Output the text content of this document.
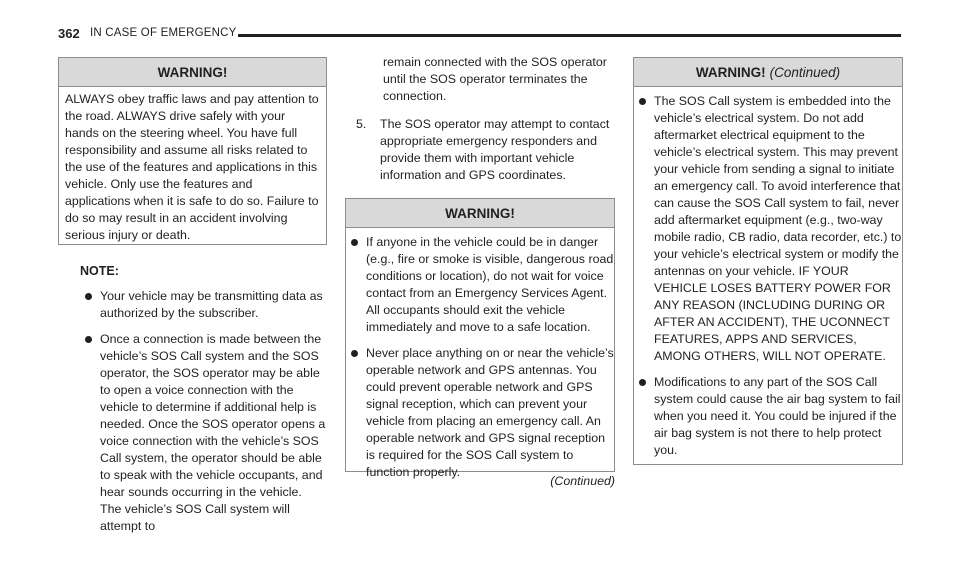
362 IN CASE OF EMERGENCY
WARNING!
ALWAYS obey traffic laws and pay attention to the road. ALWAYS drive safely with your hands on the steering wheel. You have full responsibility and assume all risks related to the use of the features and applications in this vehicle. Only use the features and applications when it is safe to do so. Failure to do so may result in an accident involving serious injury or death.
NOTE:
Your vehicle may be transmitting data as authorized by the subscriber.
Once a connection is made between the vehicle’s SOS Call system and the SOS operator, the SOS operator may be able to open a voice connection with the vehicle to determine if additional help is needed. Once the SOS operator opens a voice connection with the vehicle’s SOS Call system, the operator should be able to speak with the vehicle occupants, and hear sounds occurring in the vehicle. The vehicle’s SOS Call system will attempt to
remain connected with the SOS operator until the SOS operator terminates the connection.
5.	The SOS operator may attempt to contact appropriate emergency responders and provide them with important vehicle information and GPS coordinates.
WARNING!
If anyone in the vehicle could be in danger (e.g., fire or smoke is visible, dangerous road conditions or location), do not wait for voice contact from an Emergency Services Agent. All occupants should exit the vehicle immediately and move to a safe location.
Never place anything on or near the vehicle’s operable network and GPS antennas. You could prevent operable network and GPS signal reception, which can prevent your vehicle from placing an emergency call. An operable network and GPS signal reception is required for the SOS Call system to function properly.
(Continued)
WARNING! (Continued)
The SOS Call system is embedded into the vehicle’s electrical system. Do not add aftermarket electrical equipment to the vehicle’s electrical system. This may prevent your vehicle from sending a signal to initiate an emergency call. To avoid interference that can cause the SOS Call system to fail, never add aftermarket equipment (e.g., two-way mobile radio, CB radio, data recorder, etc.) to your vehicle’s electrical system or modify the antennas on your vehicle. IF YOUR VEHICLE LOSES BATTERY POWER FOR ANY REASON (INCLUDING DURING OR AFTER AN ACCIDENT), THE UCONNECT FEATURES, APPS AND SERVICES, AMONG OTHERS, WILL NOT OPERATE.
Modifications to any part of the SOS Call system could cause the air bag system to fail when you need it. You could be injured if the air bag system is not there to help protect you.
